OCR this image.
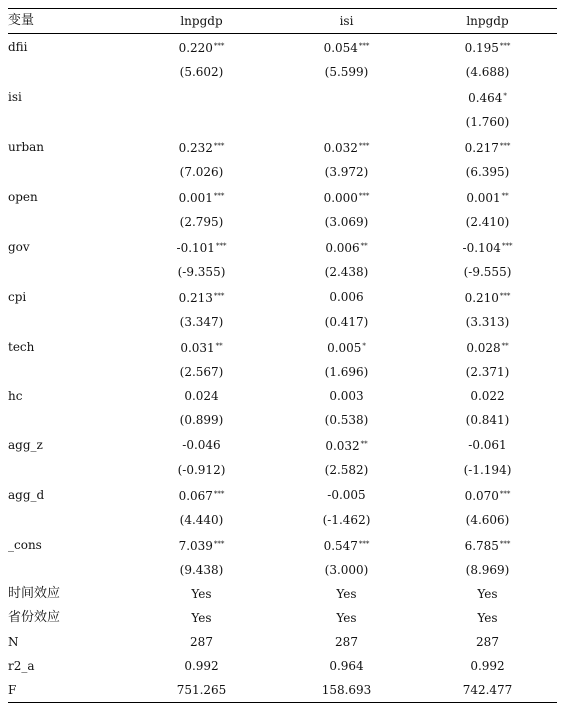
变量	lnpgdp	isi	lnpgdp
dfii	0.220***	0.054***	0.195***
	(5.602)	(5.599)	(4.688)
isi			0.464*
			(1.760)
urban	0.232***	0.032***	0.217***
	(7.026)	(3.972)	(6.395)
open	0.001***	0.000***	0.001**
	(2.795)	(3.069)	(2.410)
gov	-0.101***	0.006**	-0.104***
	(-9.355)	(2.438)	(-9.555)
cpi	0.213***	0.006	0.210***
	(3.347)	(0.417)	(3.313)
tech	0.031**	0.005*	0.028**
	(2.567)	(1.696)	(2.371)
hc	0.024	0.003	0.022
	(0.899)	(0.538)	(0.841)
agg_z	-0.046	0.032**	-0.061
	(-0.912)	(2.582)	(-1.194)
agg_d	0.067***	-0.005	0.070***
	(4.440)	(-1.462)	(4.606)
_cons	7.039***	0.547***	6.785***
	(9.438)	(3.000)	(8.969)
时间效应	Yes	Yes	Yes
省份效应	Yes	Yes	Yes
N	287	287	287
r2_a	0.992	0.964	0.992
F	751.265	158.693	742.477
